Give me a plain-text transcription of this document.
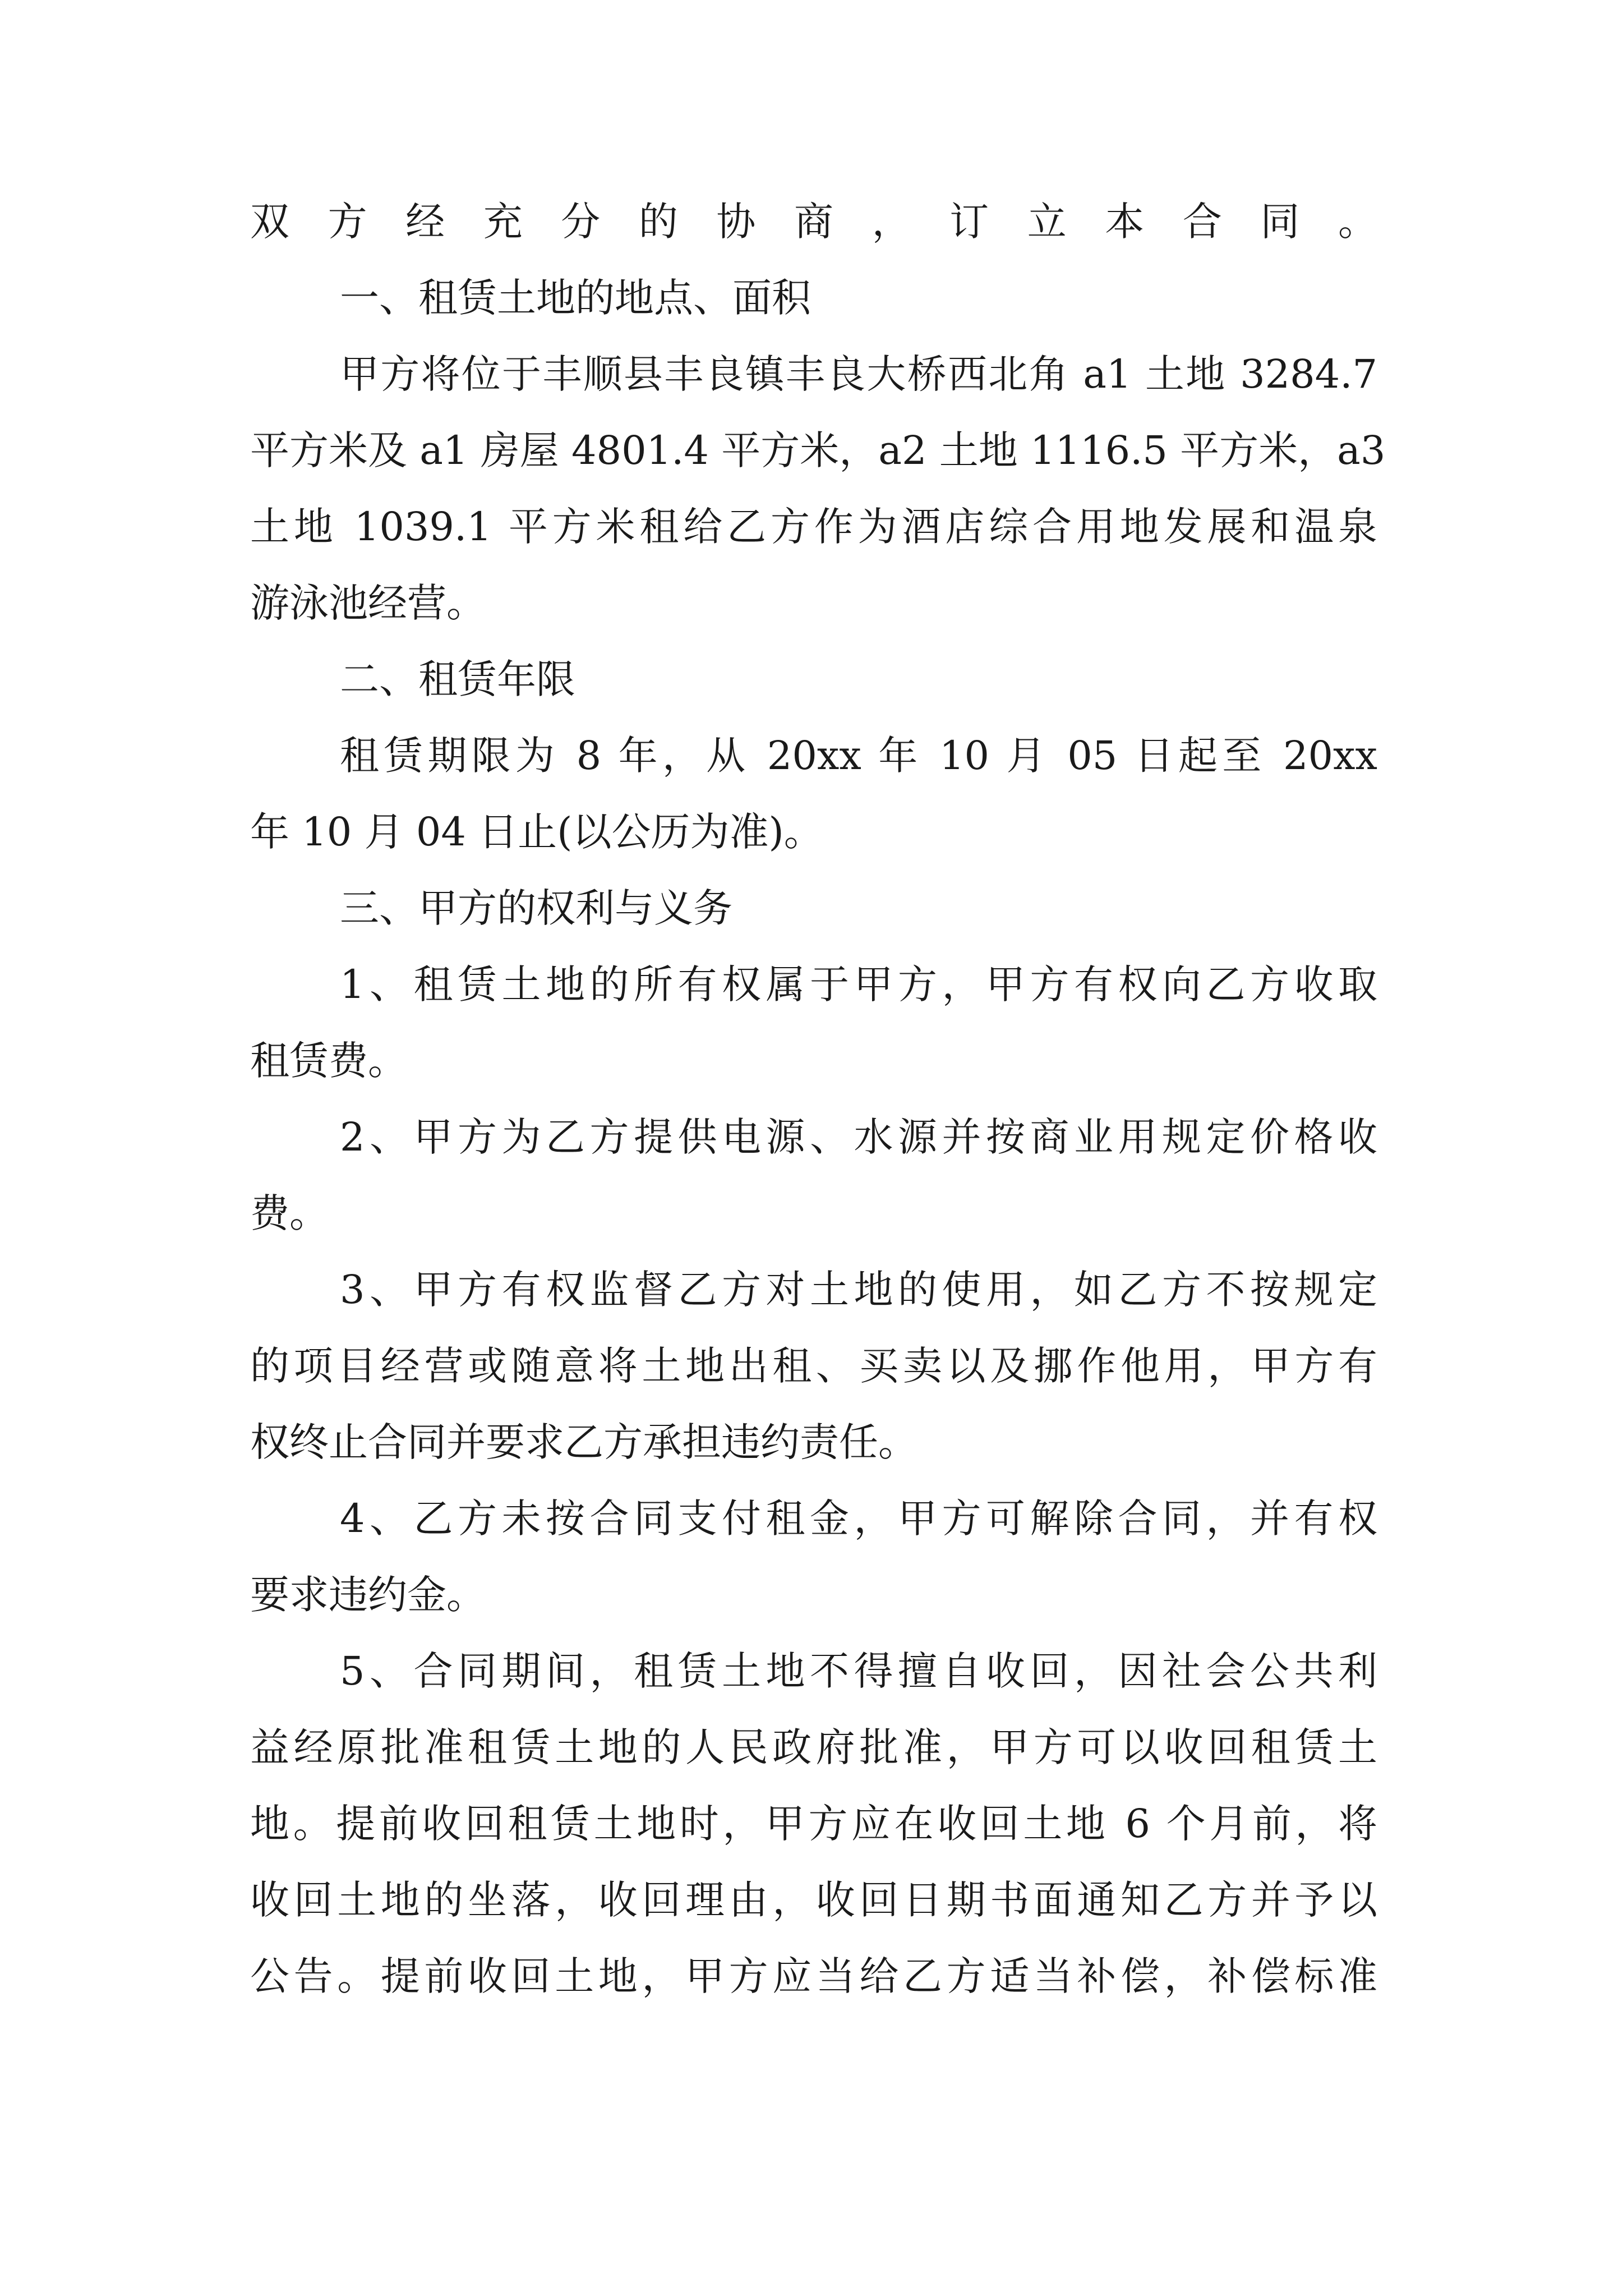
双方经充分的协商，订立本合同。
一、租赁土地的地点、面积
甲方将位于丰顺县丰良镇丰良大桥西北角 a1 土地 3284.7
平方米及 a1 房屋 4801.4 平方米，a2 土地 1116.5 平方米，a3
土地 1039.1 平方米租给乙方作为酒店综合用地发展和温泉
游泳池经营。
二、租赁年限
租赁期限为 8 年，从 20xx 年 10 月 05 日起至 20xx
年 10 月 04 日止(以公历为准)。
三、甲方的权利与义务
1、租赁土地的所有权属于甲方，甲方有权向乙方收取
租赁费。
2、甲方为乙方提供电源、水源并按商业用规定价格收
费。
3、甲方有权监督乙方对土地的使用，如乙方不按规定
的项目经营或随意将土地出租、买卖以及挪作他用，甲方有
权终止合同并要求乙方承担违约责任。
4、乙方未按合同支付租金，甲方可解除合同，并有权
要求违约金。
5、合同期间，租赁土地不得擅自收回，因社会公共利
益经原批准租赁土地的人民政府批准，甲方可以收回租赁土
地。提前收回租赁土地时，甲方应在收回土地 6 个月前，将
收回土地的坐落，收回理由，收回日期书面通知乙方并予以
公告。提前收回土地，甲方应当给乙方适当补偿，补偿标准
